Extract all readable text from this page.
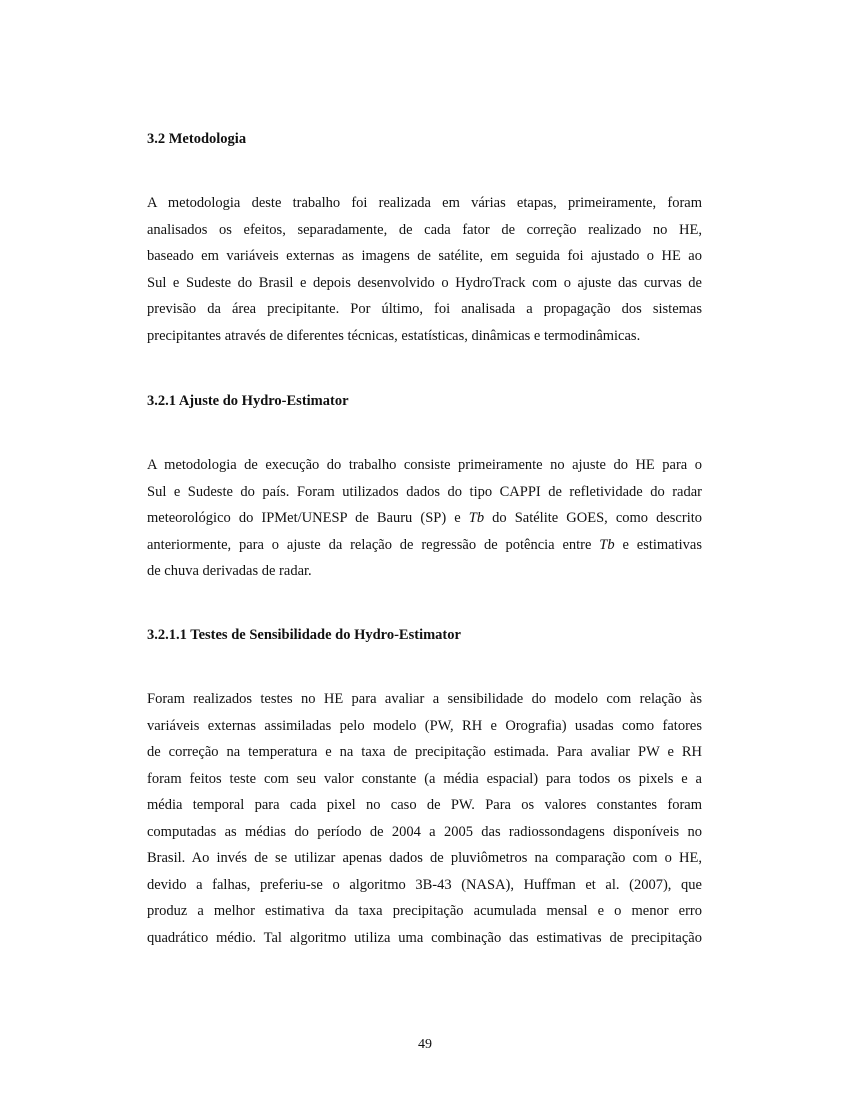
3.2 Metodologia
A metodologia deste trabalho foi realizada em várias etapas, primeiramente, foram
analisados os efeitos, separadamente, de cada fator de correção realizado no HE,
baseado em variáveis externas as imagens de satélite, em seguida foi ajustado o HE ao
Sul e Sudeste do Brasil e depois desenvolvido o HydroTrack com o ajuste das curvas de
previsão da área precipitante. Por último, foi analisada a propagação dos sistemas
precipitantes através de diferentes técnicas, estatísticas, dinâmicas e termodinâmicas.
3.2.1 Ajuste do Hydro-Estimator
A metodologia de execução do trabalho consiste primeiramente no ajuste do HE para o
Sul e Sudeste do país. Foram utilizados dados do tipo CAPPI de refletividade do radar
meteorológico do IPMet/UNESP de Bauru (SP) e Tb do Satélite GOES, como descrito
anteriormente, para o ajuste da relação de regressão de potência entre Tb e estimativas
de chuva derivadas de radar.
3.2.1.1 Testes de Sensibilidade do Hydro-Estimator
Foram realizados testes no HE para avaliar a sensibilidade do modelo com relação às
variáveis externas assimiladas pelo modelo (PW, RH e Orografia) usadas como fatores
de correção na temperatura e na taxa de precipitação estimada. Para avaliar PW e RH
foram feitos teste com seu valor constante (a média espacial) para todos os pixels e a
média temporal para cada pixel no caso de PW. Para os valores constantes foram
computadas as médias do período de 2004 a 2005 das radiossondagens disponíveis no
Brasil. Ao invés de se utilizar apenas dados de pluviômetros na comparação com o HE,
devido a falhas, preferiu-se o algoritmo 3B-43 (NASA), Huffman et al. (2007), que
produz a melhor estimativa da taxa precipitação acumulada mensal e o menor erro
quadrático médio. Tal algoritmo utiliza uma combinação das estimativas de precipitação

49
